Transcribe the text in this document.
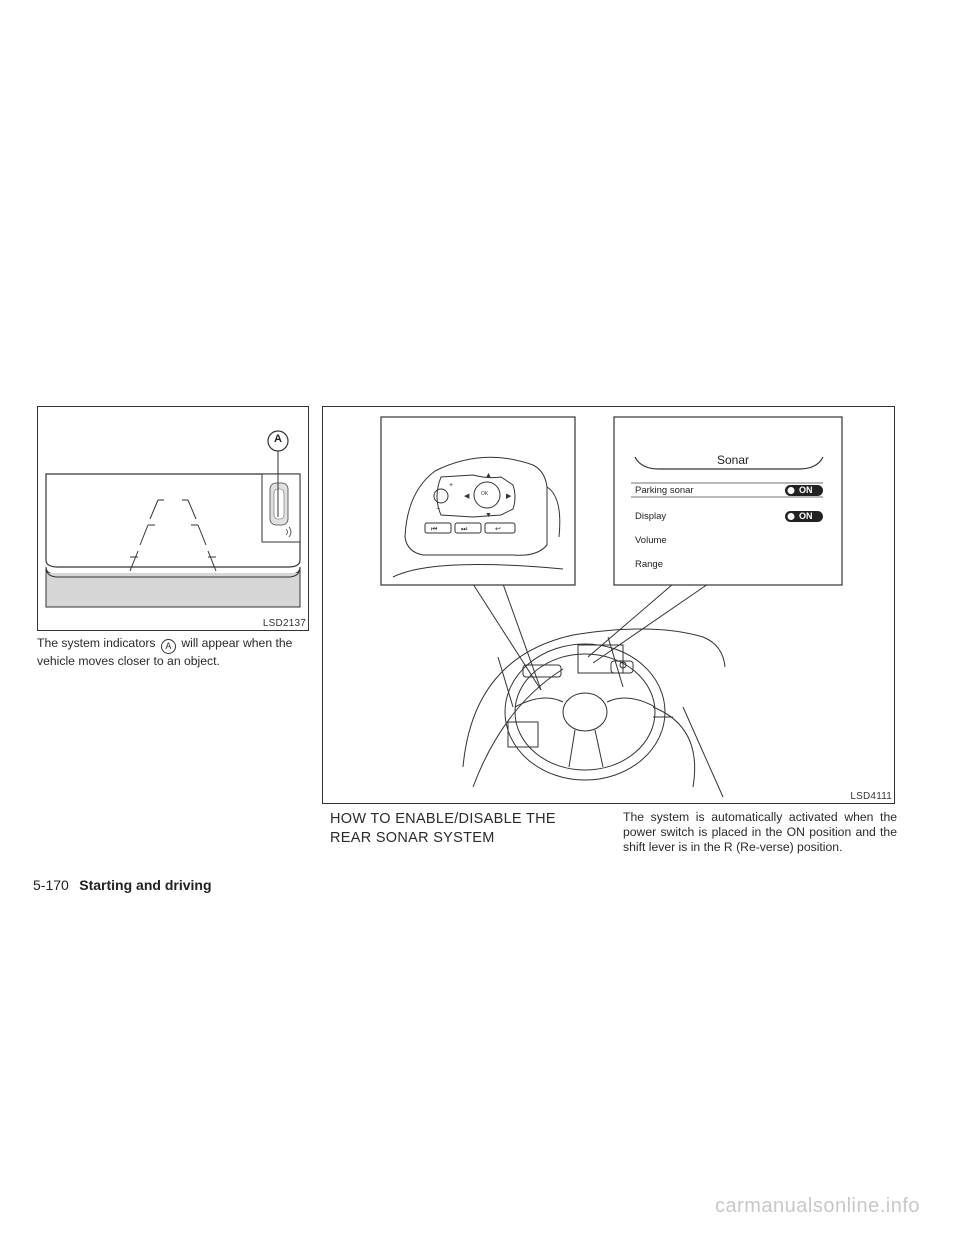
A
LSD2137
The system indicators A will appear when the vehicle moves closer to an object.
+
−
▲
▼
◀	▶
⏮	⏭	↩
OK
Sonar
Parking sonar	ON
Display	ON
Volume
Range
LSD4111
HOW TO ENABLE/DISABLE THE
REAR SONAR SYSTEM
The system is automatically activated when the power switch is placed in the ON position and the shift lever is in the R (Re-verse) position.
5-170 Starting and driving
carmanualsonline.info
